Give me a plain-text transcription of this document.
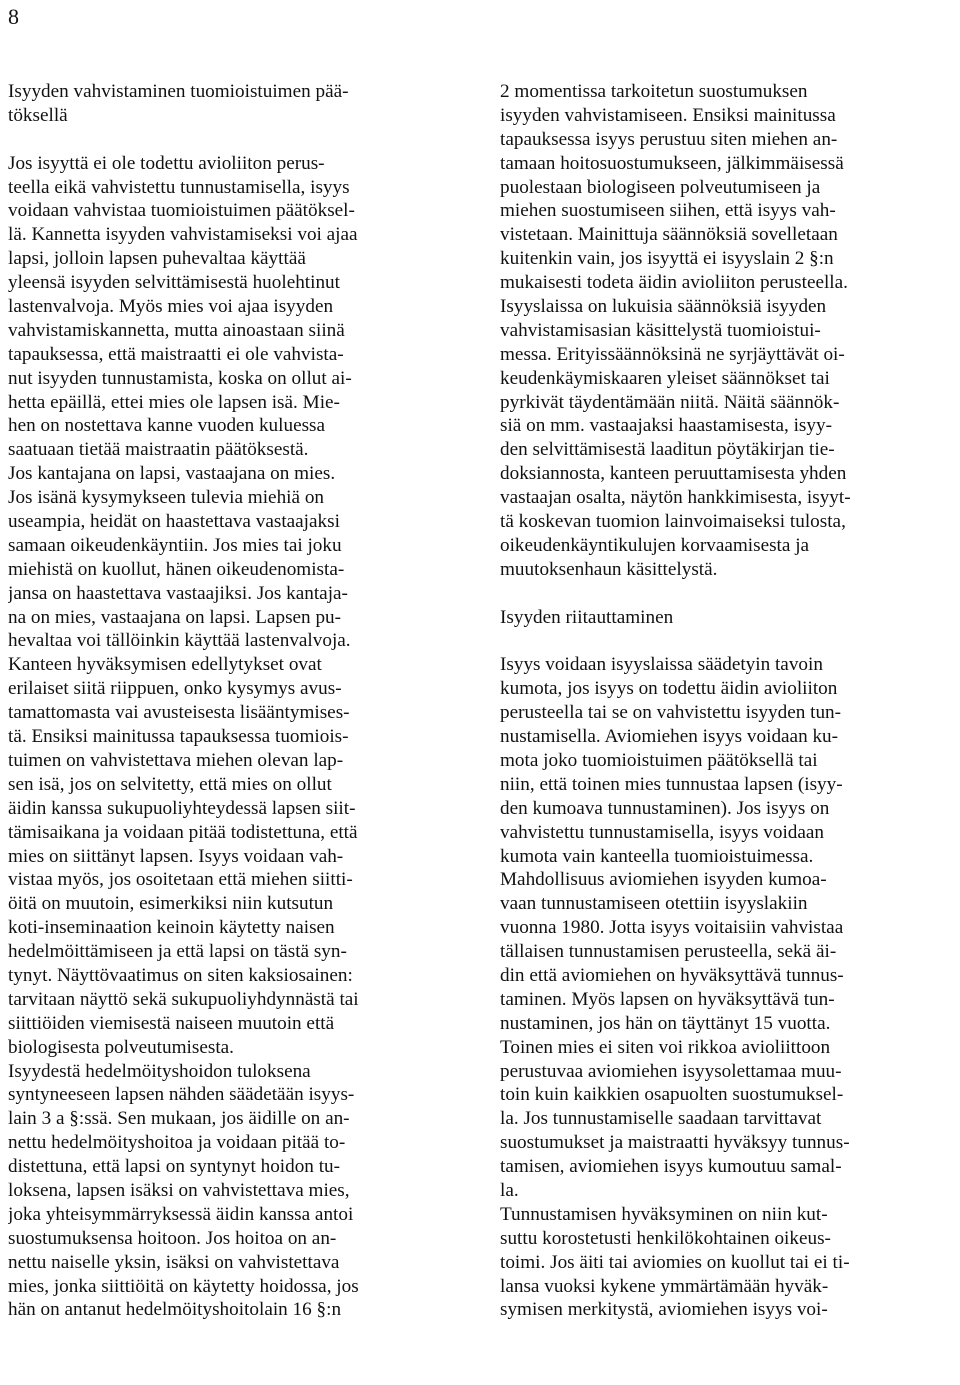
8
Isyyden vahvistaminen tuomioistuimen pää-
töksellä
Jos isyyttä ei ole todettu avioliiton perus-
teella eikä vahvistettu tunnustamisella, isyys
voidaan vahvistaa tuomioistuimen päätöksel-
lä. Kannetta isyyden vahvistamiseksi voi ajaa
lapsi, jolloin lapsen puhevaltaa käyttää
yleensä isyyden selvittämisestä huolehtinut
lastenvalvoja. Myös mies voi ajaa isyyden
vahvistamiskannetta, mutta ainoastaan siinä
tapauksessa, että maistraatti ei ole vahvista-
nut isyyden tunnustamista, koska on ollut ai-
hetta epäillä, ettei mies ole lapsen isä. Mie-
hen on nostettava kanne vuoden kuluessa
saatuaan tietää maistraatin päätöksestä.
Jos kantajana on lapsi, vastaajana on mies.
Jos isänä kysymykseen tulevia miehiä on
useampia, heidät on haastettava vastaajaksi
samaan oikeudenkäyntiin. Jos mies tai joku
miehistä on kuollut, hänen oikeudenomista-
jansa on haastettava vastaajiksi. Jos kantaja-
na on mies, vastaajana on lapsi. Lapsen pu-
hevaltaa voi tällöinkin käyttää lastenvalvoja.
Kanteen hyväksymisen edellytykset ovat
erilaiset siitä riippuen, onko kysymys avus-
tamattomasta vai avusteisesta lisääntymises-
tä. Ensiksi mainitussa tapauksessa tuomiois-
tuimen on vahvistettava miehen olevan lap-
sen isä, jos on selvitetty, että mies on ollut
äidin kanssa sukupuoliyhteydessä lapsen siit-
tämisaikana ja voidaan pitää todistettuna, että
mies on siittänyt lapsen. Isyys voidaan vah-
vistaa myös, jos osoitetaan että miehen siitti-
öitä on muutoin, esimerkiksi niin kutsutun
koti-inseminaation keinoin käytetty naisen
hedelmöittämiseen ja että lapsi on tästä syn-
tynyt. Näyttövaatimus on siten kaksiosainen:
tarvitaan näyttö sekä sukupuoliyhdynnästä tai
siittiöiden viemisestä naiseen muutoin että
biologisesta polveutumisesta.
Isyydestä hedelmöityshoidon tuloksena
syntyneeseen lapsen nähden säädetään isyys-
lain 3 a §:ssä. Sen mukaan, jos äidille on an-
nettu hedelmöityshoitoa ja voidaan pitää to-
distettuna, että lapsi on syntynyt hoidon tu-
loksena, lapsen isäksi on vahvistettava mies,
joka yhteisymmärryksessä äidin kanssa antoi
suostumuksensa hoitoon. Jos hoitoa on an-
nettu naiselle yksin, isäksi on vahvistettava
mies, jonka siittiöitä on käytetty hoidossa, jos
hän on antanut hedelmöityshoitolain 16 §:n
2 momentissa tarkoitetun suostumuksen
isyyden vahvistamiseen. Ensiksi mainitussa
tapauksessa isyys perustuu siten miehen an-
tamaan hoitosuostumukseen, jälkimmäisessä
puolestaan biologiseen polveutumiseen ja
miehen suostumiseen siihen, että isyys vah-
vistetaan. Mainittuja säännöksiä sovelletaan
kuitenkin vain, jos isyyttä ei isyyslain 2 §:n
mukaisesti todeta äidin avioliiton perusteella.
Isyyslaissa on lukuisia säännöksiä isyyden
vahvistamisasian käsittelystä tuomioistui-
messa. Erityissäännöksinä ne syrjäyttävät oi-
keudenkäymiskaaren yleiset säännökset tai
pyrkivät täydentämään niitä. Näitä säännök-
siä on mm. vastaajaksi haastamisesta, isyy-
den selvittämisestä laaditun pöytäkirjan tie-
doksiannosta, kanteen peruuttamisesta yhden
vastaajan osalta, näytön hankkimisesta, isyyt-
tä koskevan tuomion lainvoimaiseksi tulosta,
oikeudenkäyntikulujen korvaamisesta ja
muutoksenhaun käsittelystä.
Isyyden riitauttaminen
Isyys voidaan isyyslaissa säädetyin tavoin
kumota, jos isyys on todettu äidin avioliiton
perusteella tai se on vahvistettu isyyden tun-
nustamisella. Aviomiehen isyys voidaan ku-
mota joko tuomioistuimen päätöksellä tai
niin, että toinen mies tunnustaa lapsen (isyy-
den kumoava tunnustaminen). Jos isyys on
vahvistettu tunnustamisella, isyys voidaan
kumota vain kanteella tuomioistuimessa.
Mahdollisuus aviomiehen isyyden kumoa-
vaan tunnustamiseen otettiin isyyslakiin
vuonna 1980. Jotta isyys voitaisiin vahvistaa
tällaisen tunnustamisen perusteella, sekä äi-
din että aviomiehen on hyväksyttävä tunnus-
taminen. Myös lapsen on hyväksyttävä tun-
nustaminen, jos hän on täyttänyt 15 vuotta.
Toinen mies ei siten voi rikkoa avioliittoon
perustuvaa aviomiehen isyysolettamaa muu-
toin kuin kaikkien osapuolten suostumuksel-
la. Jos tunnustamiselle saadaan tarvittavat
suostumukset ja maistraatti hyväksyy tunnus-
tamisen, aviomiehen isyys kumoutuu samal-
la.
Tunnustamisen hyväksyminen on niin kut-
suttu korostetusti henkilökohtainen oikeus-
toimi. Jos äiti tai aviomies on kuollut tai ei ti-
lansa vuoksi kykene ymmärtämään hyväk-
symisen merkitystä, aviomiehen isyys voi-
